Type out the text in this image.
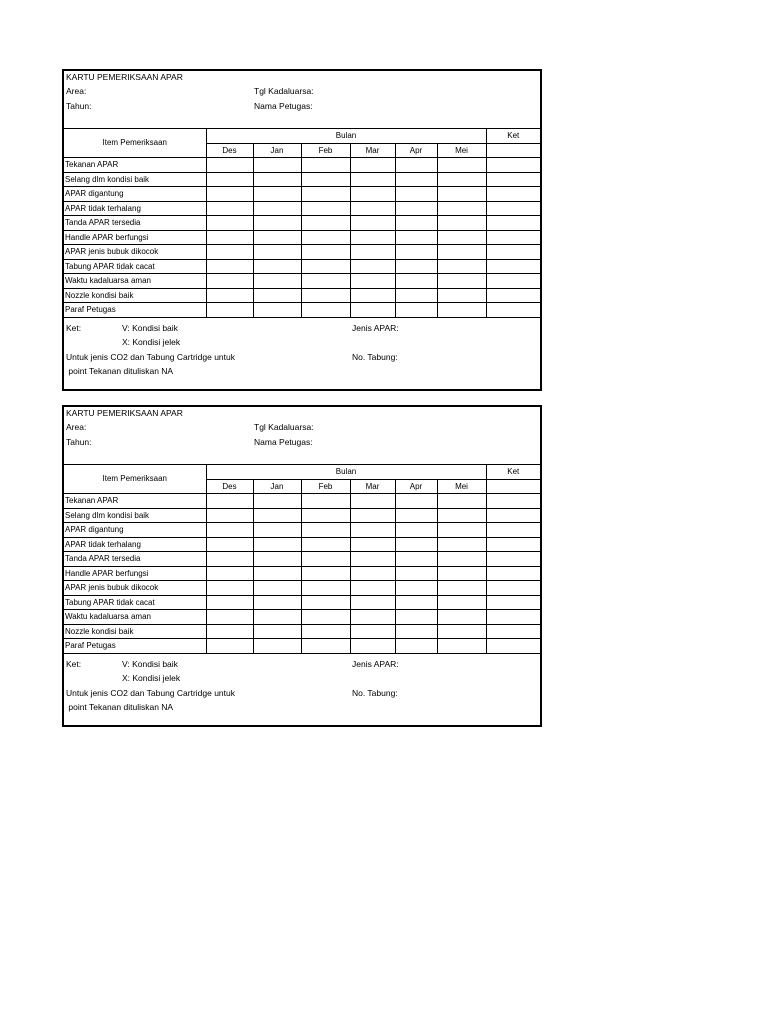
KARTU PEMERIKSAAN APAR
Area:
Tahun:
Tgl Kadaluarsa:
Nama Petugas:
Item Pemeriksaan	Bulan						Ket
	Des	Jan	Feb	Mar	Apr	Mei	
Tekanan APAR							
Selang dlm kondisi baik							
APAR digantung							
APAR tidak terhalang							
Tanda APAR tersedia							
Handle APAR berfungsi							
APAR jenis bubuk dikocok							
Tabung APAR tidak cacat							
Waktu kadaluarsa aman							
Nozzle kondisi baik							
Paraf Petugas							
Ket:	V: Kondisi baik	Jenis APAR:
X: Kondisi jelek
Untuk jenis CO2 dan Tabung Cartridge untuk	No. Tabung:
point Tekanan dituliskan NA
KARTU PEMERIKSAAN APAR
Area:
Tahun:
Tgl Kadaluarsa:
Nama Petugas:
Item Pemeriksaan	Bulan						Ket
	Des	Jan	Feb	Mar	Apr	Mei	
Tekanan APAR							
Selang dlm kondisi baik							
APAR digantung							
APAR tidak terhalang							
Tanda APAR tersedia							
Handle APAR berfungsi							
APAR jenis bubuk dikocok							
Tabung APAR tidak cacat							
Waktu kadaluarsa aman							
Nozzle kondisi baik							
Paraf Petugas							
Ket:	V: Kondisi baik	Jenis APAR:
X: Kondisi jelek
Untuk jenis CO2 dan Tabung Cartridge untuk	No. Tabung:
point Tekanan dituliskan NA
